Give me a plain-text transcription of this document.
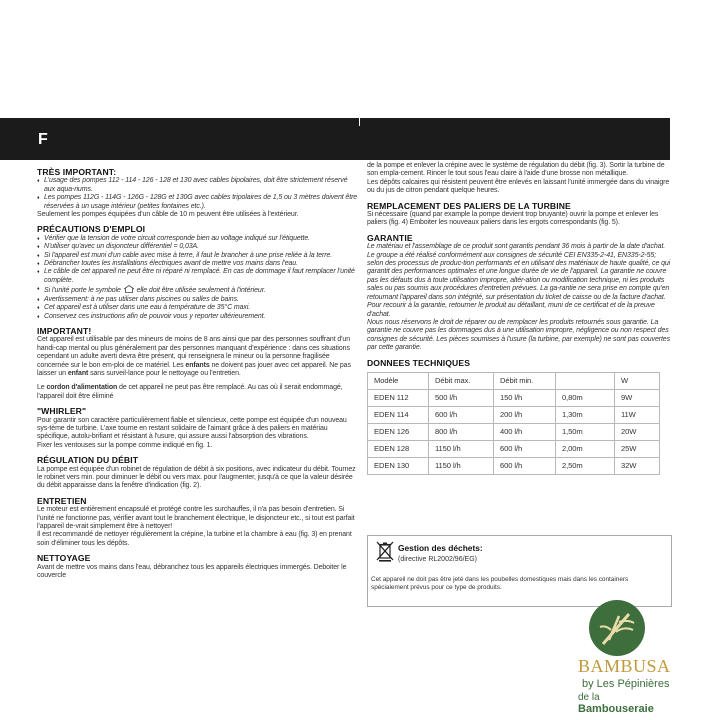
F
TRÈS IMPORTANT:
♦ L'usage des pompes 112 - 114 - 126 - 128 et 130 avec cables bipolaires, doit être strictement réservé aux aqua-riums.
♦ Les pompes 112G - 114G - 126G - 128G et 130G avec cables tripolaires de 1,5 ou 3 mètres doivent être réservées à un usage intérieur (petites fontaines etc.).

Seulement les pompes équipées d'un câble de 10 m peuvent être utilisées à l'extérieur.

PRÉCAUTIONS D'EMPLOI
♦ Vérifier que la tension de votre circuit corresponde bien au voltage indiqué sur l'étiquette.
♦ N'utiliser qu'avec un disjoncteur différentiel = 0,03A.
♦ Si l'appareil est muni d'un cable avec mise à terre, il faut le brancher à une prise reliée à la terre.
♦ Débrancher toutes les installations électriques avant de mettre vos mains dans l'eau.
♦ Le câble de cet appareil ne peut être ni réparé ni remplacé. En cas de dommage il faut remplacer l'unité complète.
♦ Si l'unité porte le symbole elle doit être utilisée seulement à l'intérieur.
♦ Avertissement: à ne pas utiliser dans piscines ou salles de bains.
♦ Cet appareil est à utiliser dans une eau à température de 35°C maxi.
♦ Conservez ces instructions afin de pouvoir vous y reporter ultérieurement.
IMPORTANT!

Cet appareil est utilisable par des mineurs de moins de 8 ans ainsi que par des personnes souffrant d'un handi-cap mental ou plus généralement par des personnes manquant d'expérience : dans ces situations cependant un adulte averti devra être présent, qui renseignera le mineur ou la personne fragilisée concernée sur le bon em-ploi de ce matériel. Les enfants ne doivent pas jouer avec cet appareil. Ne pas laisser un enfant sans surveil-lance pour le nettoyage ou l'entretien.

Le cordon d'alimentation de cet appareil ne peut pas être remplacé. Au cas où il serait endommagé, l'appareil doit être éliminé

"WHIRLER"

Pour garantir son caractère particulièrement fiable et silencieux, cette pompe est équipée d'un nouveau sys-tème de turbine. L'axe tourne en restant solidaire de l'aimant grâce à des paliers en matériau spécifique, autolu-brifiant et résistant à l'usure, qui assure aussi l'absorption des vibrations.

Fixer les ventouses sur la pompe comme indiqué en fig. 1.

RÉGULATION DU DÉBIT

La pompe est équipée d'un robinet de régulation de débit à six positions, avec indicateur du débit. Tournez le robinet vers min. pour diminuer le débit ou vers max. pour l'augmenter, jusqu'à ce que la valeur désirée du débit apparaisse dans la fenêtre d'indication (fig. 2).

ENTRETIEN

Le moteur est entièrement encapsulé et protégé contre les surchauffes, il n'a pas besoin d'entretien. Si l'unité ne fonctionne pas, vérifier avant tout le branchement électrique, le disjoncteur etc., si tout est parfait l'appareil de-vrait simplement être à nettoyer!

Il est recommandé de nettoyer régulièrement la crépine, la turbine et la chambre à eau (fig. 3) en prenant soin d'éliminer tous les dépôts.

NETTOYAGE

Avant de mettre vos mains dans l'eau, débranchez tous les appareils électriques immergés. Deboiter le couvercle

de la pompe et enlever la crépine avec le système de régulation du débit (fig. 3). Sortir la turbine de son empla-cement. Rincer le tout sous l'eau claire à l'aide d'une brosse non métallique.

Les dépôts calcaires qui résistent peuvent être enlevés en laissant l'unité immergée dans du vinaigre ou du jus de citron pendant quelque heures.

REMPLACEMENT DES PALIERS DE LA TURBINE

Si nécessaire (quand par example la pompe devient trop bruyante) ouvrir la pompe et enlever les paliers (fig. 4) Emboiter les nouveaux paliers dans les ergots correspondants (fig. 5).

GARANTIE

Le matériau et l'assemblage de ce produit sont garantis pendant 36 mois à partir de la date d'achat. Le groupe a été réalisé conformément aux consignes de sécurité CEI EN335-2-41, EN335-2-55; selon des processus de produc-tion performants et en utilisant des matériaux de haute qualité, ce qui garantit des performances optimales et une longue durée de vie de l'appareil. La garantie ne couvre pas les défauts dus à toute utilisation impropre, altér-ation ou modification technique, ni les produits sales ou pas soumis aux procédures d'entretien prévues. La ga-rantie ne sera prise en compte qu'en retournant l'appareil dans son intégrité, sur présentation du ticket de caisse ou de la facture d'achat. Pour recourir à la garantie, retourner le produit au détaillant, muni de ce certificat et de la preuve d'achat.

Nous nous réservons le droit de réparer ou de remplacer les produits retournés sous garantie. La garantie ne couvre pas les dommages dus à une utilisation impropre, négligence ou non respect des consignes de sécurité. Les pièces soumises à l'usure (la turbine, par exemple) ne sont pas couvertes par cette garantie.

DONNEES TECHNIQUES
Modèle	Débit max.	Débit min.		W
EDEN 112	500 l/h	150 l/h	0,80m	9W
EDEN 114	600 l/h	200 l/h	1,30m	11W
EDEN 126	800 l/h	400 l/h	1,50m	20W
EDEN 128	1150 l/h	600 l/h	2,00m	25W
EDEN 130	1150 l/h	600 l/h	2,50m	32W
Gestion des déchets:
(directive RL2002/96/EG)

Cet appareil ne doit pas être jeté dans les poubelles domestiques mais dans les containers spécialement prévus pour ce type de produits.

BAMBUSA
by Les Pépinières
de la Bambouseraie
